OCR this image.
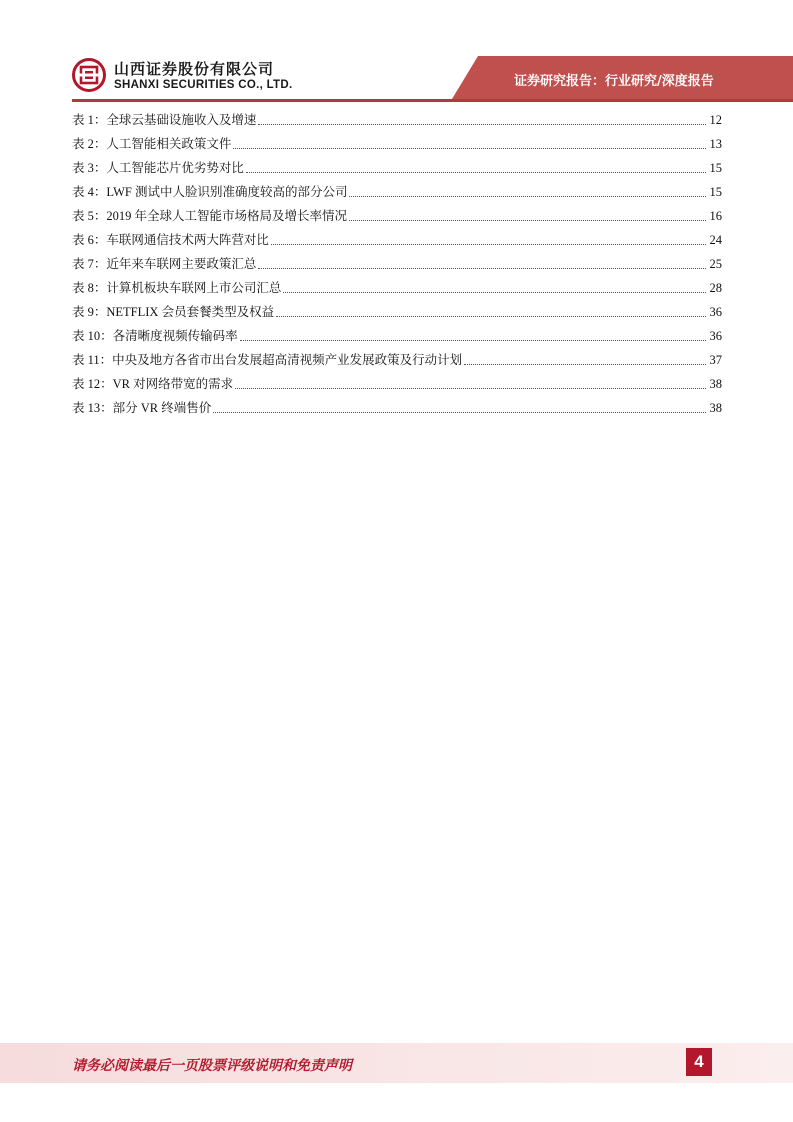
山西证券股份有限公司
SHANXI SECURITIES CO., LTD.	证券研究报告：行业研究/深度报告
表 1：全球云基础设施收入及增速	12
表 2：人工智能相关政策文件	13
表 3：人工智能芯片优劣势对比	15
表 4：LWF 测试中人脸识别准确度较高的部分公司	15
表 5：2019 年全球人工智能市场格局及增长率情况	16
表 6：车联网通信技术两大阵营对比	24
表 7：近年来车联网主要政策汇总	25
表 8：计算机板块车联网上市公司汇总	28
表 9：NETFLIX 会员套餐类型及权益	36
表 10：各清晰度视频传输码率	36
表 11：中央及地方各省市出台发展超高清视频产业发展政策及行动计划	37
表 12：VR 对网络带宽的需求	38
表 13：部分 VR 终端售价	38
请务必阅读最后一页股票评级说明和免责声明	4
